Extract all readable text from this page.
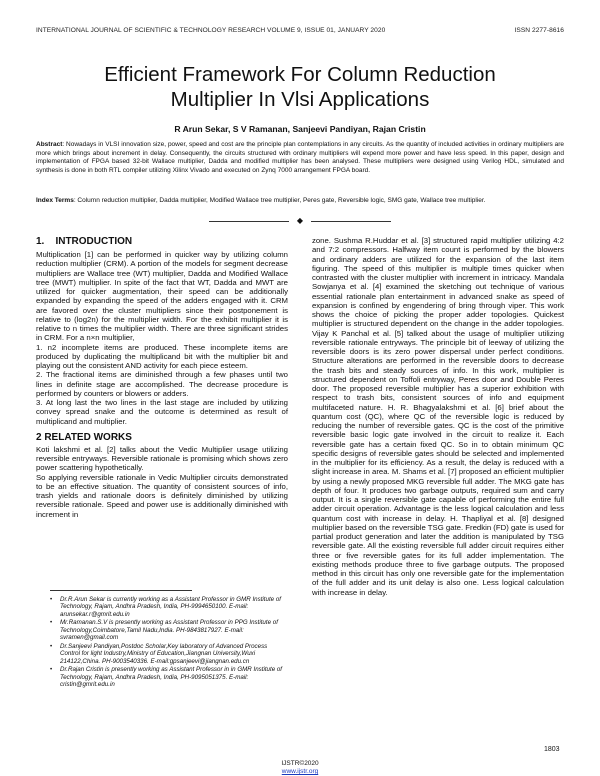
INTERNATIONAL JOURNAL OF SCIENTIFIC & TECHNOLOGY RESEARCH VOLUME 9, ISSUE 01, JANUARY 2020	ISSN 2277-8616
Efficient Framework For Column Reduction
Multiplier In Vlsi Applications
R Arun Sekar, S V Ramanan, Sanjeevi Pandiyan, Rajan Cristin
Abstract: Nowadays in VLSI innovation size, power, speed and cost are the principle plan contemplations in any circuits. As the quantity of included activities in ordinary multipliers are more which brings about increment in delay. Consequently, the circuits structured with ordinary multipliers will expend more power and have less speed. In this paper, design and implementation of FPGA based 32-bit Wallace multiplier, Dadda and modified multiplier has been analysed. These multipliers were designed using Verilog HDL, simulated and synthesis is done in both RTL compiler utilizing Xilinx Vivado and executed on Zynq 7000 arrangement FPGA board.
Index Terms: Column reduction multiplier, Dadda multiplier, Modified Wallace tree multiplier, Peres gate, Reversible logic, SMG gate, Wallace tree multiplier.
◆
1.    INTRODUCTION

Multiplication [1] can be performed in quicker way by utilizing column reduction multiplier (CRM). A portion of the models for segment decrease multipliers are Wallace tree (WT) multiplier, Dadda and Modified Wallace tree (MWT) multiplier. In spite of the fact that WT, Dadda and MWT are utilized for quicker augmentation, their speed can be additionally expanded by expanding the speed of the adders engaged with it. CRM are favored over the cluster multipliers since their postponement is relative to (log2n) for the multiplier width. For the exhibit multiplier it is relative to n times the multiplier width. There are three significant strides in CRM. For a n×n multiplier,

1. n2 incomplete items are produced. These incomplete items are produced by duplicating the multiplicand bit with the multiplier bit and playing out the consistent AND activity for each piece esteem.

2. The fractional items are diminished through a few phases until two lines in definite stage are accomplished. The decrease procedure is performed by counters or blowers or adders.

3. At long last the two lines in the last stage are included by utilizing convey spread snake and the outcome is determined as result of multiplicand and multiplier.

2 RELATED WORKS

Koti lakshmi et al. [2] talks about the Vedic Multiplier usage utilizing reversible entryways. Reversible rationale is promising which shows zero power scattering hypothetically.

So applying reversible rationale in Vedic Multiplier circuits demonstrated to be an effective situation. The quantity of consistent sources of info, trash yields and rationale doors is definitely diminished by utilizing reversible rationale. Speed and power use is additionally diminished with increment in

• Dr.R.Arun Sekar is currently working as a Assistant Professor in GMR Institute of Technology, Rajam, Andhra Pradesh, India, PH-9994650100. E-mail: arunsekar.r@gmrit.edu.in
• Mr.Ramanan.S.V is presently working as Assistant Professor in PPG Institute of Technology,Coimbatore,Tamil Nadu,India. PH-9843817927. E-mail: svramen@gmail.com
• Dr.Sanjeevi Pandiyan,Postdoc Scholar,Key laboratory of Advanced Process Control for light Industry,Ministry of Education,Jiangnan University,Wuxi 214122,China. PH-9003540336. E-mail:gpsanjeevi@jiangnan.edu.cn
• Dr.Rajan Cristin is presently working as Assistant Professor in in GMR Institute of Technology, Rajam, Andhra Pradesh, India, PH-9095051375. E-mail: cristin@gmrit.edu.in

zone. Sushma R.Huddar et al. [3] structured rapid multiplier utilizing 4:2 and 7:2 compressors. Halfway item count is performed by the blowers and ordinary adders are utilized for the expansion of the last item figuring. The speed of this multiplier is multiple times quicker when contrasted with the cluster multiplier with increment in intricacy. Mandala Sowjanya et al. [4] examined the sketching out technique of various essential rationale plan entertainment in advanced snake as speed of expansion is confined by engendering of bring through viper. This work shows the choice of picking the proper adder topologies. Quickest multiplier is structured dependent on the change in the adder topologies. Vijay K Panchal et al. [5] talked about the usage of multiplier utilizing reversible rationale entryways. The principle bit of leeway of utilizing the reversible doors is its zero power dispersal under perfect conditions. Structure alterations are performed in the reversible doors to decrease the trash bits and steady sources of info. In this work, multiplier is structured dependent on Toffoli entryway, Peres door and Double Peres door. The proposed reversible multiplier has a superior exhibition with respect to trash bits, consistent sources of info and equipment multifaceted nature. H. R. Bhagyalakshmi et al. [6] brief about the quantum cost (QC), where QC of the reversible logic is reduced by reducing the number of reversible gates. QC is the cost of the primitive reversible basic logic gate involved in the circuit to realize it. Each reversible gate has a certain fixed QC. So in to obtain minimum QC specific designs of reversible gates should be selected and implemented in the multiplier for its efficiency. As a result, the delay is reduced with a slight increase in area. M. Shams et al. [7] proposed an efficient multiplier by using a newly proposed MKG reversible full adder. The MKG gate has depth of four. It produces two garbage outputs, required sum and carry output. It is a single reversible gate capable of performing the entire full adder circuit operation. Advantage is the less logical calculation and less quantum cost with increase in delay. H. Thapliyal et al. [8] designed multiplier based on the reversible TSG gate. Fredkin (FD) gate is used for partial product generation and later the addition is manipulated by TSG reversible gate. All the existing reversible full adder circuit requires either three or five reversible gates for its full adder implementation. The existing methods produce three to five garbage outputs. The proposed method in this circuit has only one reversible gate for the implementation of the full adder and its unit delay is also one. Less logical calculation with increase in delay.

1803
IJSTR©2020
www.ijstr.org
